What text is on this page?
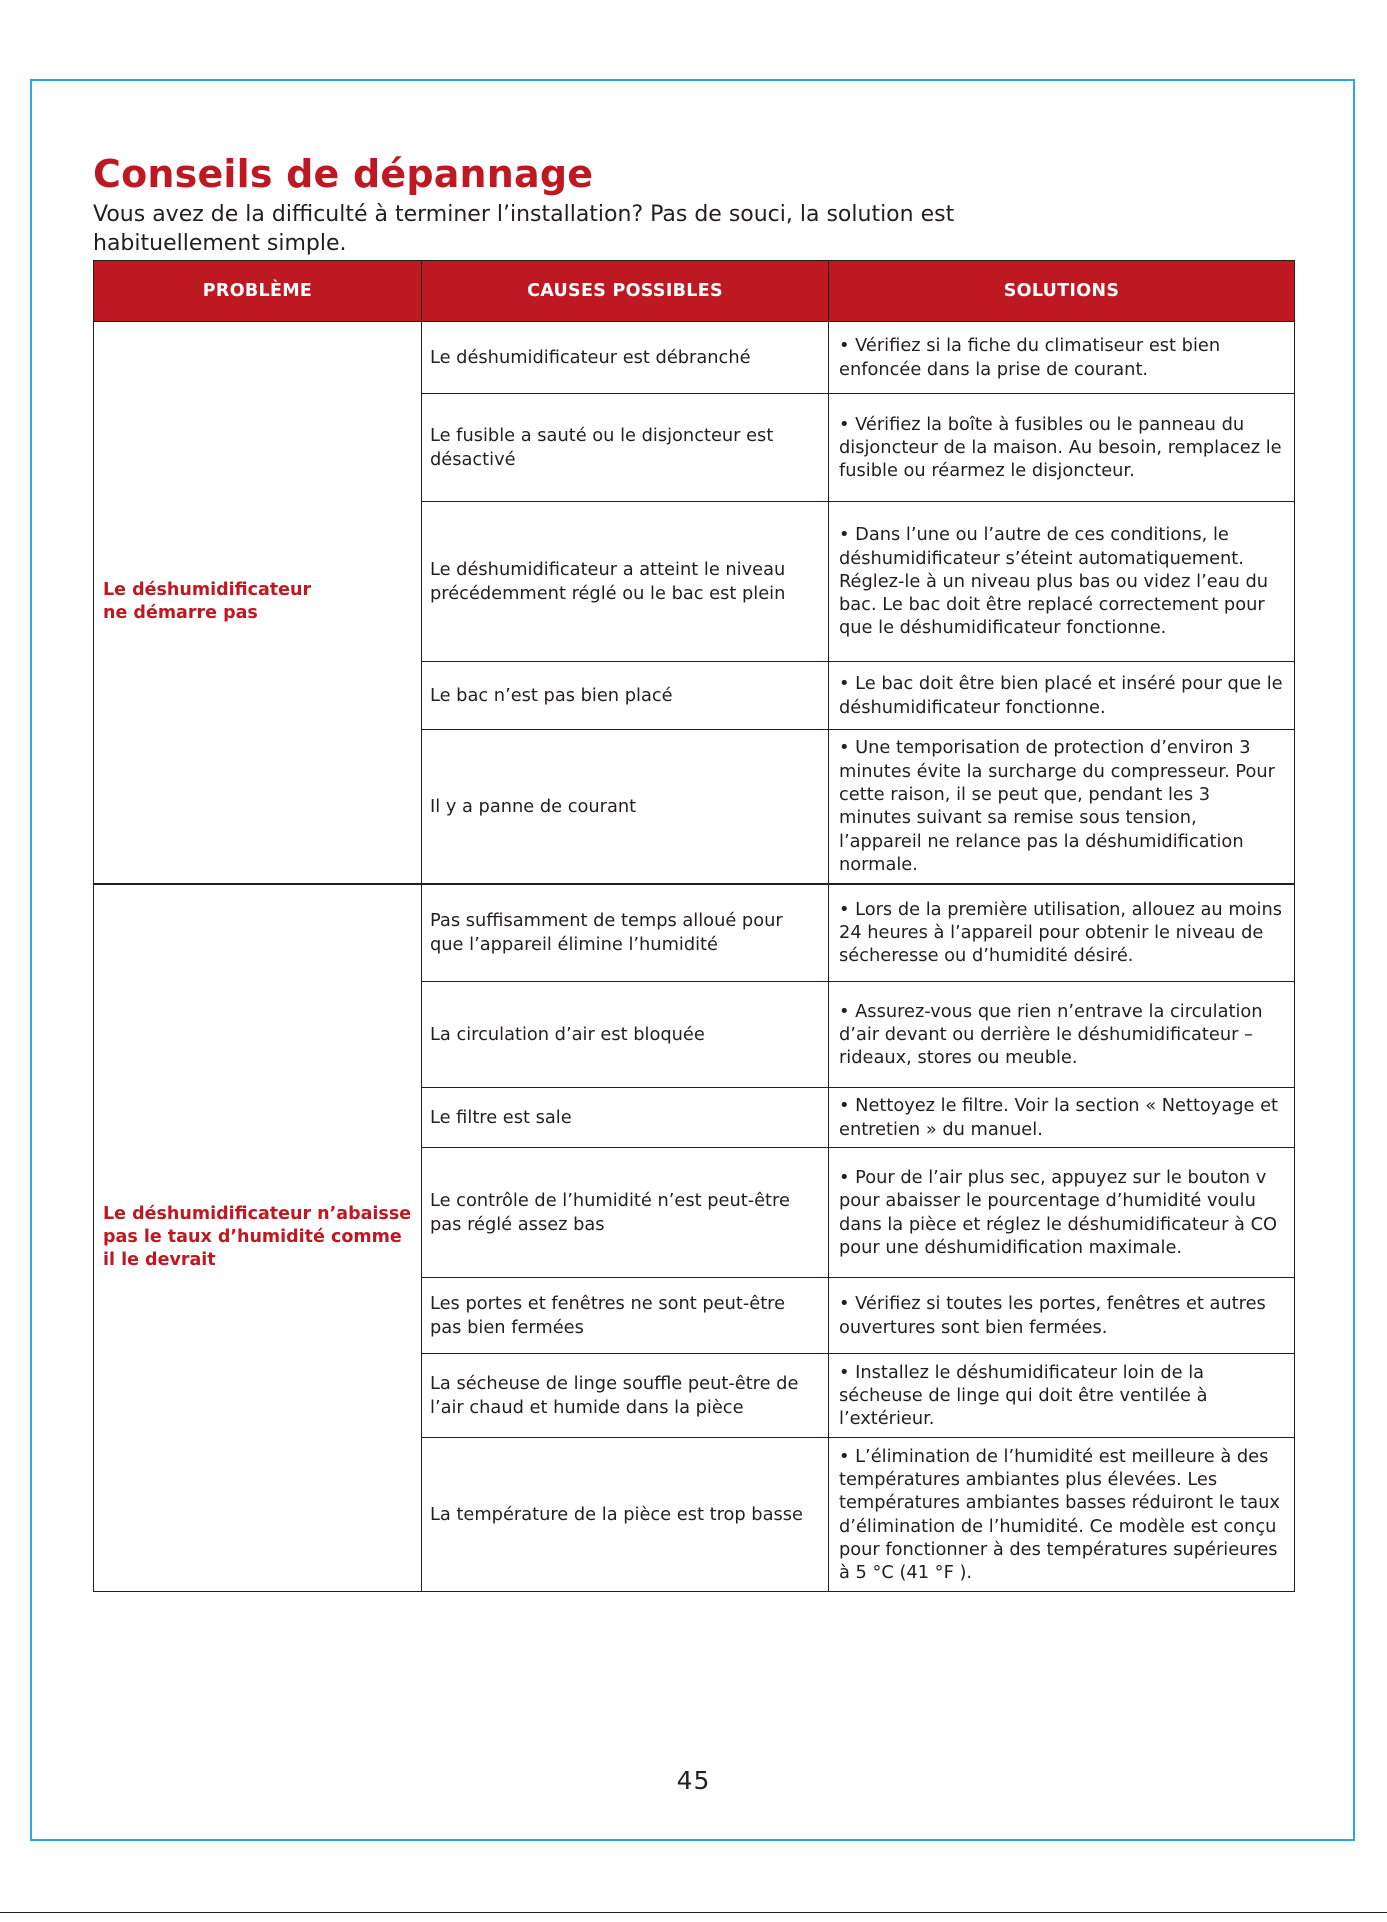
Conseils de dépannage

Vous avez de la difficulté à terminer l’installation? Pas de souci, la solution est habituellement simple.

PROBLÈME	CAUSES POSSIBLES	SOLUTIONS

Le déshumidificateur ne démarre pas	Le déshumidificateur est débranché	• Vérifiez si la fiche du climatiseur est bien enfoncée dans la prise de courant.
	Le fusible a sauté ou le disjoncteur est désactivé	• Vérifiez la boîte à fusibles ou le panneau du disjoncteur de la maison. Au besoin, remplacez le fusible ou réarmez le disjoncteur.
	Le déshumidificateur a atteint le niveau précédemment réglé ou le bac est plein	• Dans l’une ou l’autre de ces conditions, le déshumidificateur s’éteint automatiquement. Réglez-le à un niveau plus bas ou videz l’eau du bac. Le bac doit être replacé correctement pour que le déshumidificateur fonctionne.
	Le bac n’est pas bien placé	• Le bac doit être bien placé et inséré pour que le déshumidificateur fonctionne.
	Il y a panne de courant	• Une temporisation de protection d’environ 3 minutes évite la surcharge du compresseur. Pour cette raison, il se peut que, pendant les 3 minutes suivant sa remise sous tension, l’appareil ne relance pas la déshumidification normale.

Le déshumidificateur n’abaisse pas le taux d’humidité comme il le devrait	Pas suffisamment de temps alloué pour que l’appareil élimine l’humidité	• Lors de la première utilisation, allouez au moins 24 heures à l’appareil pour obtenir le niveau de sécheresse ou d’humidité désiré.
	La circulation d’air est bloquée	• Assurez-vous que rien n’entrave la circulation d’air devant ou derrière le déshumidificateur – rideaux, stores ou meuble.
	Le filtre est sale	• Nettoyez le filtre. Voir la section « Nettoyage et entretien » du manuel.
	Le contrôle de l’humidité n’est peut-être pas réglé assez bas	• Pour de l’air plus sec, appuyez sur le bouton v pour abaisser le pourcentage d’humidité voulu dans la pièce et réglez le déshumidificateur à CO pour une déshumidification maximale.
	Les portes et fenêtres ne sont peut-être pas bien fermées	• Vérifiez si toutes les portes, fenêtres et autres ouvertures sont bien fermées.
	La sécheuse de linge souffle peut-être de l’air chaud et humide dans la pièce	• Installez le déshumidificateur loin de la sécheuse de linge qui doit être ventilée à l’extérieur.
	La température de la pièce est trop basse	• L’élimination de l’humidité est meilleure à des températures ambiantes plus élevées. Les températures ambiantes basses réduiront le taux d’élimination de l’humidité. Ce modèle est conçu pour fonctionner à des températures supérieures à 5 °C (41 °F ).
45
